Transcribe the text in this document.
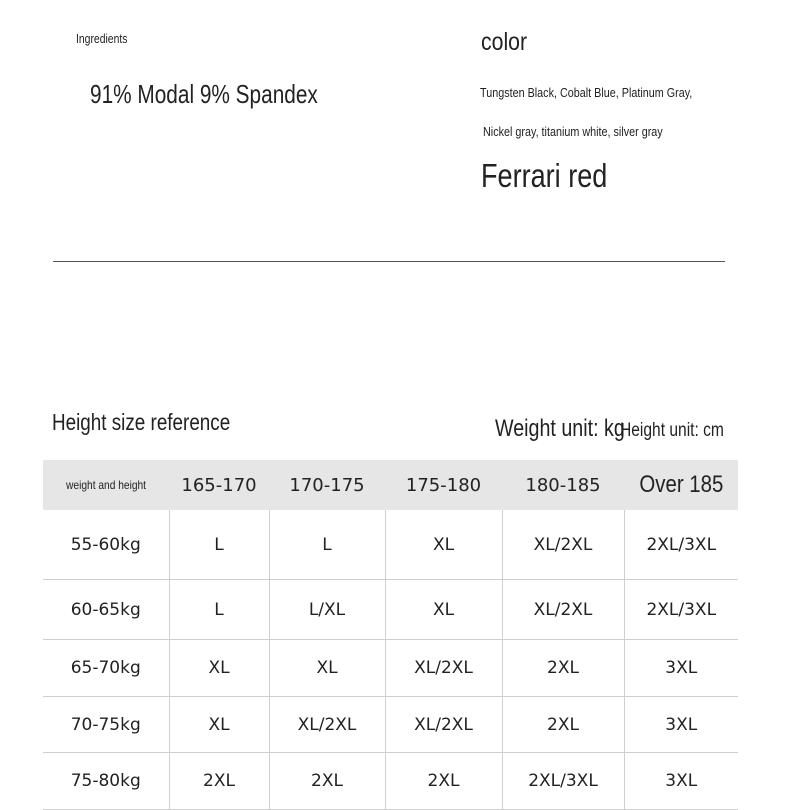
Ingredients
91% Modal 9% Spandex
color
Tungsten Black, Cobalt Blue, Platinum Gray,
Nickel gray, titanium white, silver gray
Ferrari red
Height size reference	Weight unit: kg
Height unit: cm
weight and height	165-170	170-175	175-180	180-185	Over 185
55-60kg	L	L	XL	XL/2XL	2XL/3XL
60-65kg	L	L/XL	XL	XL/2XL	2XL/3XL
65-70kg	XL	XL	XL/2XL	2XL	3XL
70-75kg	XL	XL/2XL	XL/2XL	2XL	3XL
75-80kg	2XL	2XL	2XL	2XL/3XL	3XL
